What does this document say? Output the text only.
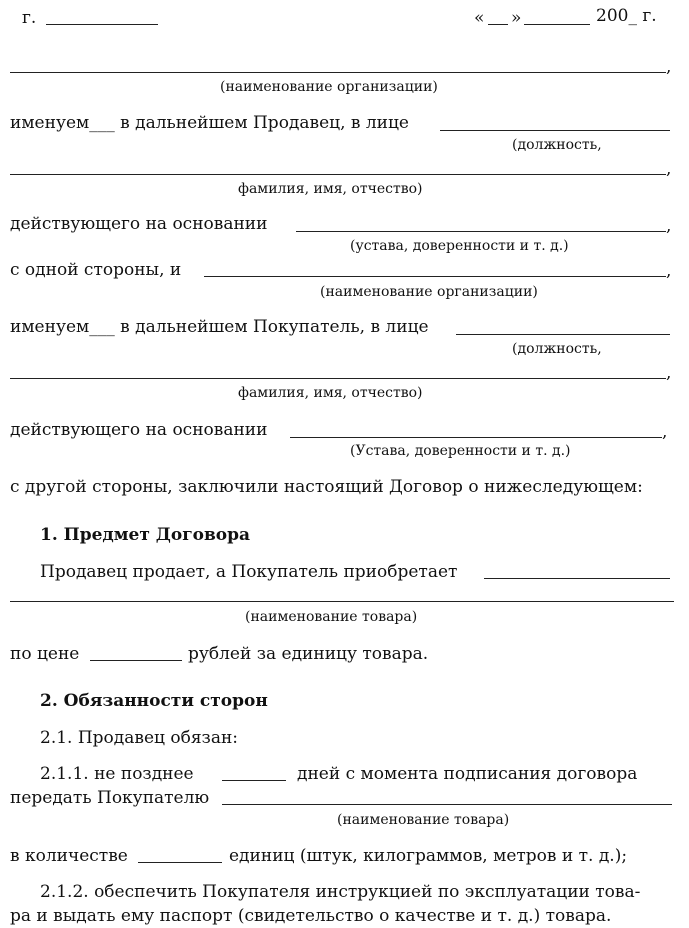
г.	« »	200_ г.
,
(наименование организации)
именуем___ в дальнейшем Продавец, в лице
(должность,
,
фамилия, имя, отчество)
действующего на основании	,
(устава, доверенности и т. д.)
с одной стороны, и	,
(наименование организации)
именуем___ в дальнейшем Покупатель, в лице
(должность,
,
фамилия, имя, отчество)
действующего на основании	,
(Устава, доверенности и т. д.)
с другой стороны, заключили настоящий Договор о нижеследующем:
1. Предмет Договора
Продавец продает, а Покупатель приобретает
(наименование товара)
по цене	рублей за единицу товара.
2. Обязанности сторон
2.1. Продавец обязан:
2.1.1. не позднее	дней с момента подписания договора
передать Покупателю
(наименование товара)
в количестве	единиц (штук, килограммов, метров и т. д.);
2.1.2. обеспечить Покупателя инструкцией по эксплуатации това-
ра и выдать ему паспорт (свидетельство о качестве и т. д.) товара.
